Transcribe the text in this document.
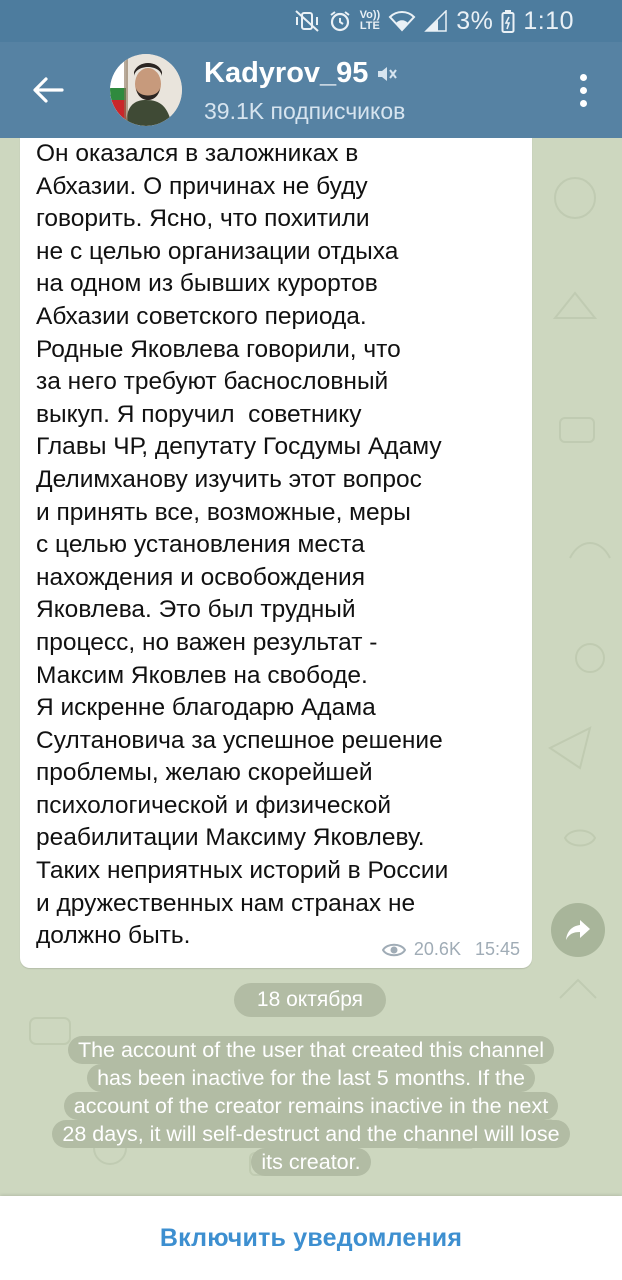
Vo))
LTE	3% 1:10
Kadyrov_95
39.1K подписчиков
Он оказался в заложниках в
Абхазии. О причинах не буду
говорить. Ясно, что похитили
не с целью организации отдыха
на одном из бывших курортов
Абхазии советского периода.
Родные Яковлева говорили, что
за него требуют баснословный
выкуп. Я поручил  советнику
Главы ЧР, депутату Госдумы Адаму
Делимханову изучить этот вопрос
и принять все, возможные, меры
с целью установления места
нахождения и освобождения
Яковлева. Это был трудный
процесс, но важен результат -
Максим Яковлев на свободе.
Я искренне благодарю Адама
Султановича за успешное решение
проблемы, желаю скорейшей
психологической и физической
реабилитации Максиму Яковлеву.
Таких неприятных историй в России
и дружественных нам странах не
должно быть.	20.6K 15:45
18 октября
The account of the user that created this channel
has been inactive for the last 5 months. If the
account of the creator remains inactive in the next
28 days, it will self-destruct and the channel will lose
its creator.
Включить уведомления
